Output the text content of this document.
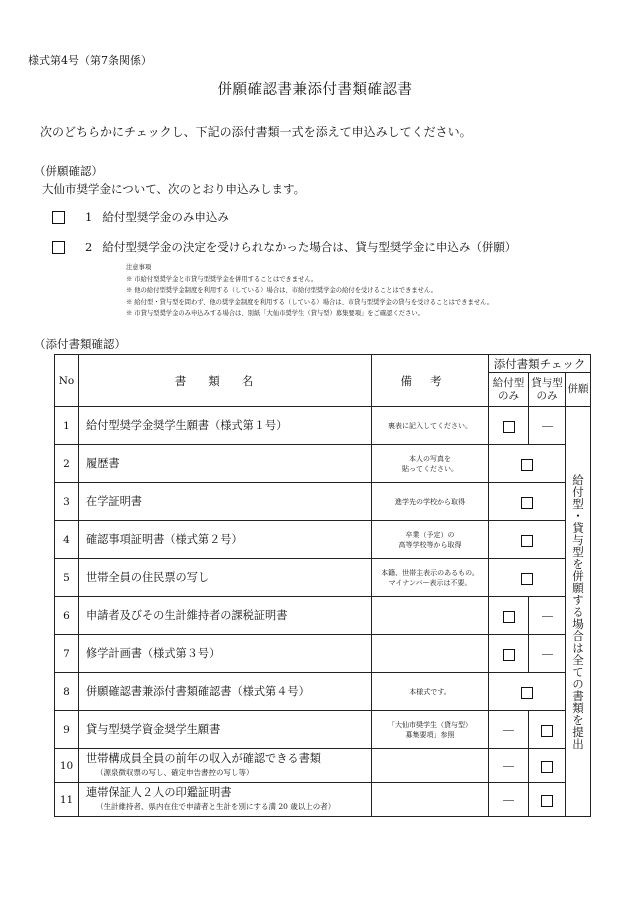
様式第4号（第7条関係）
併願確認書兼添付書類確認書
次のどちらかにチェックし、下記の添付書類一式を添えて申込みしてください。
（併願確認）
大仙市奨学金について、次のとおり申込みします。
1 給付型奨学金のみ申込み
2 給付型奨学金の決定を受けられなかった場合は、貸与型奨学金に申込み（併願）
注意事項
※ 市給付型奨学金と市貸与型奨学金を併用することはできません。
※ 他の給付型奨学金制度を利用する（している）場合は、市給付型奨学金の給付を受けることはできません。
※ 給付型・貸与型を問わず、他の奨学金制度を利用する（している）場合は、市貸与型奨学金の貸与を受けることはできません。
※ 市貸与型奨学金のみ申込みする場合は、別紙「大仙市奨学生（貸与型）募集要項」をご確認ください。
（添付書類確認）
No	書類名	備考	添付書類チェック		
			給付型のみ	貸与型のみ	併願
1	給付型奨学金奨学生願書（様式第１号）	裏表に記入してください。			給付型・貸与型を併願する場合は全ての書類を提出

2	履歴書	本人の写真を
貼ってください。			
3	在学証明書	進学先の学校から取得			
4	確認事項証明書（様式第２号）	卒業（予定）の
高等学校等から取得			
5	世帯全員の住民票の写し	本籍、世帯主表示のあるもの。
マイナンバー表示は不要。			
6	申請者及びその生計維持者の課税証明書				
7	修学計画書（様式第３号）				
8	併願確認書兼添付書類確認書（様式第４号）	本様式です。			
9	貸与型奨学資金奨学生願書	「大仙市奨学生（貸与型）
募集要項」参照			
10	世帯構成員全員の前年の収入が確認できる書類
（源泉徴収票の写し、確定申告書控の写し等）				

11	連帯保証人２人の印鑑証明書
（生計維持者、県内在住で申請者と生計を別にする満 20 歳以上の者）				
